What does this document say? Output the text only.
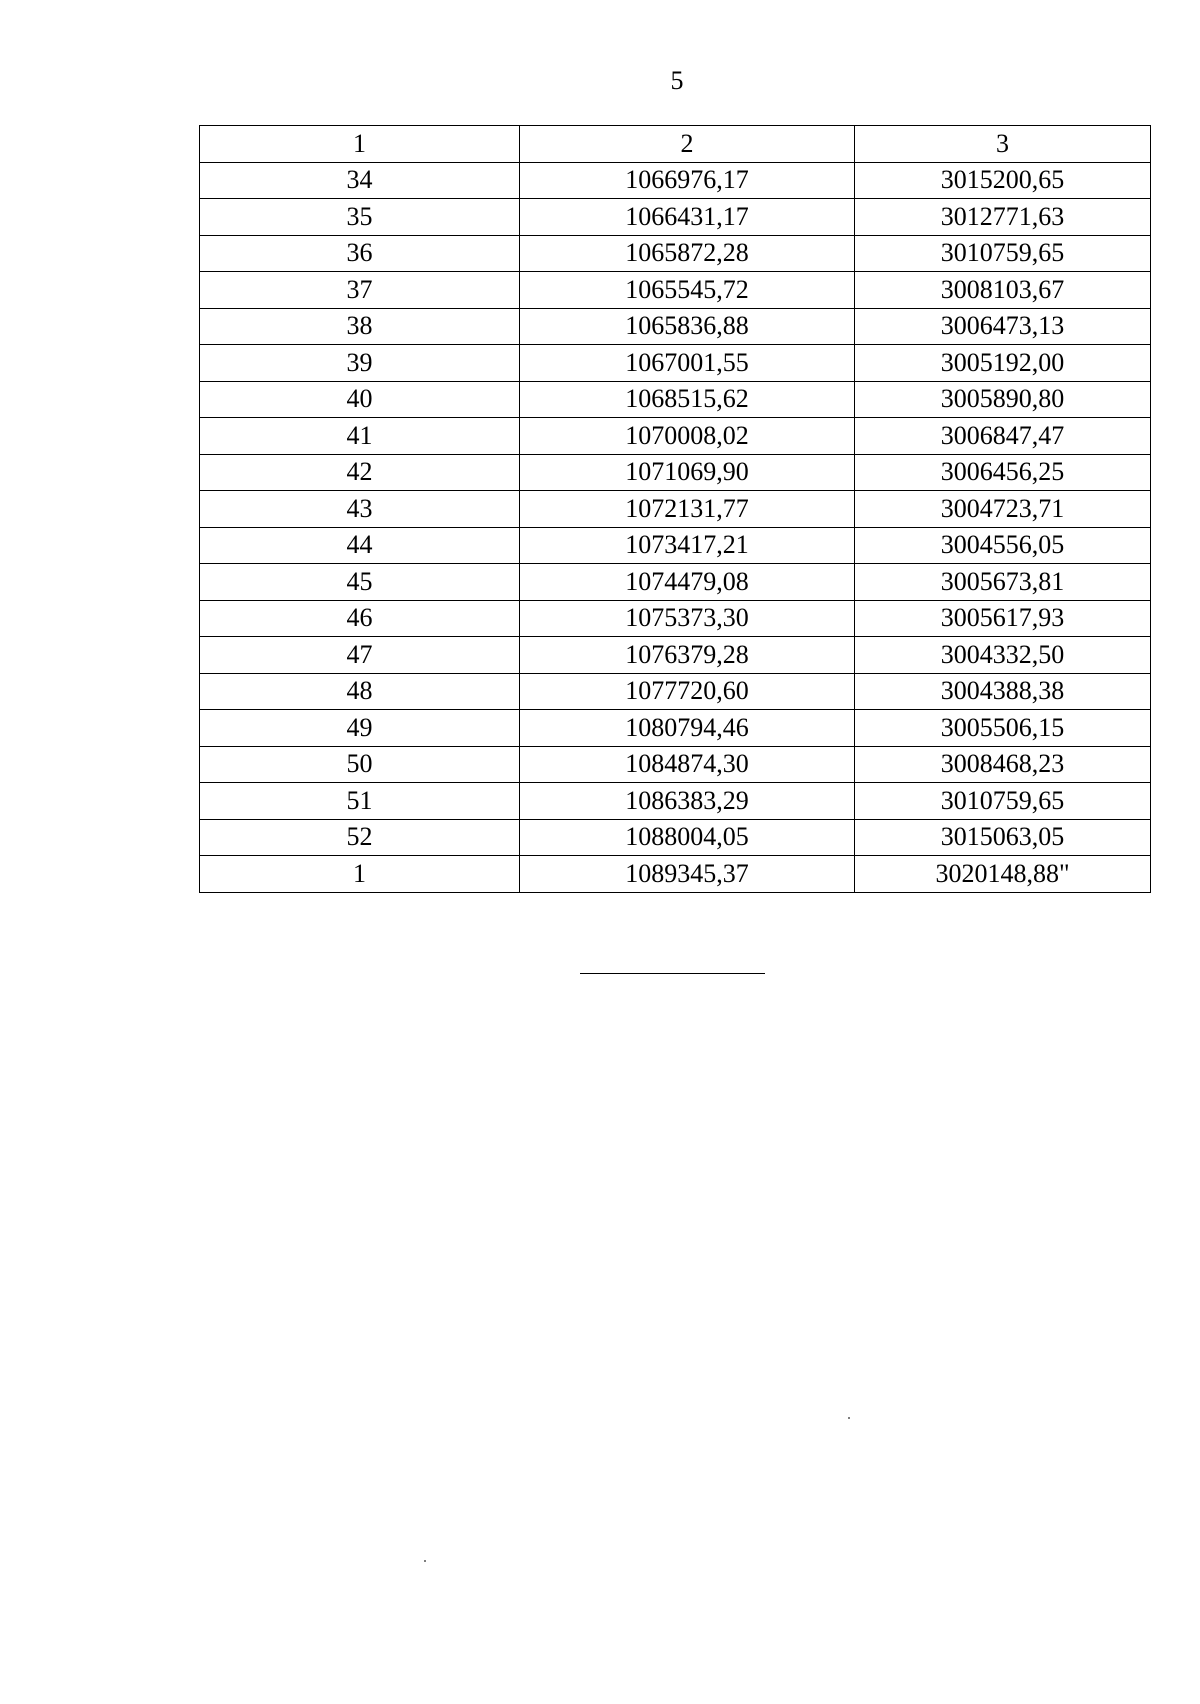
5
1	2	3
34	1066976,17	3015200,65
35	1066431,17	3012771,63
36	1065872,28	3010759,65
37	1065545,72	3008103,67
38	1065836,88	3006473,13
39	1067001,55	3005192,00
40	1068515,62	3005890,80
41	1070008,02	3006847,47
42	1071069,90	3006456,25
43	1072131,77	3004723,71
44	1073417,21	3004556,05
45	1074479,08	3005673,81
46	1075373,30	3005617,93
47	1076379,28	3004332,50
48	1077720,60	3004388,38
49	1080794,46	3005506,15
50	1084874,30	3008468,23
51	1086383,29	3010759,65
52	1088004,05	3015063,05
1	1089345,37	3020148,88"
